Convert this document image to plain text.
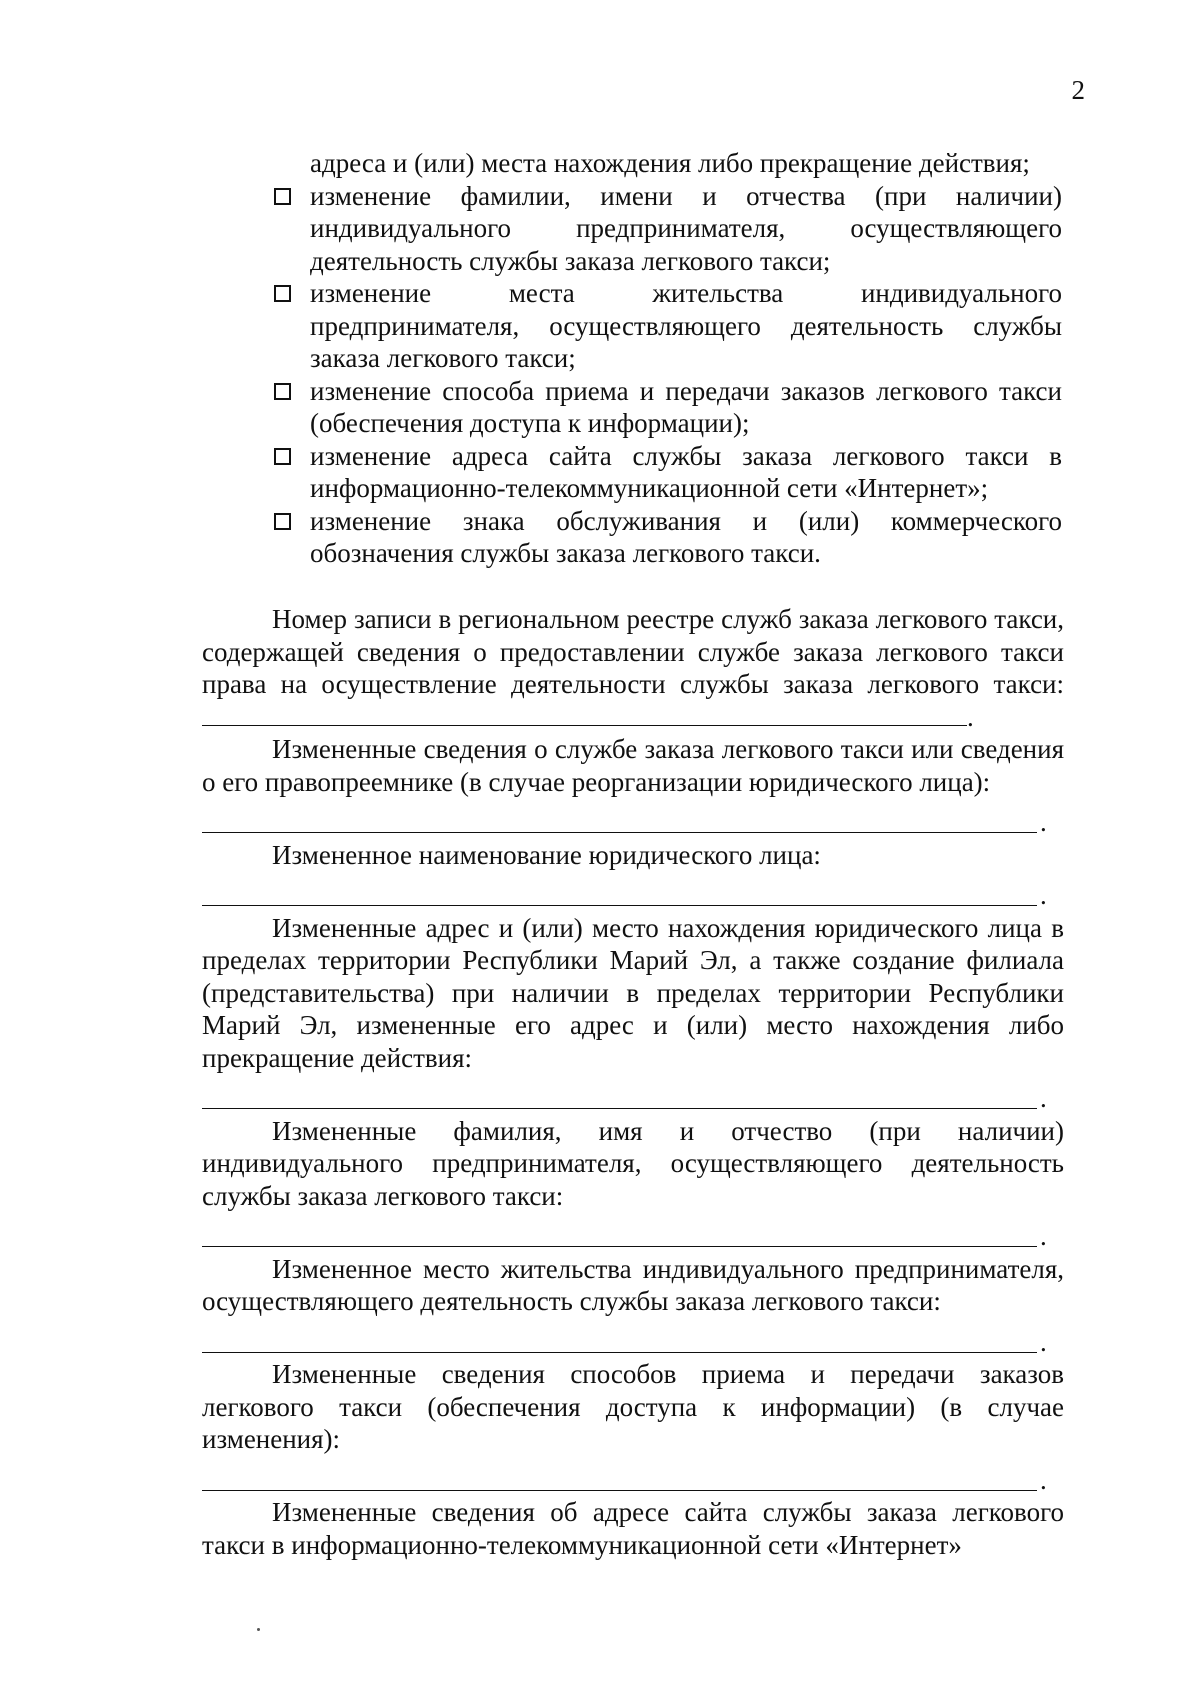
2
адреса и (или) места нахождения либо прекращение действия;
изменение фамилии, имени и отчества (при наличии) индивидуального предпринимателя, осуществляющего деятельность службы заказа легкового такси;
изменение места жительства индивидуального предпринимателя, осуществляющего деятельность службы заказа легкового такси;
изменение способа приема и передачи заказов легкового такси (обеспечения доступа к информации);
изменение адреса сайта службы заказа легкового такси в информационно-телекоммуникационной сети «Интернет»;
изменение знака обслуживания и (или) коммерческого обозначения службы заказа легкового такси.

Номер записи в региональном реестре служб заказа легкового такси, содержащей сведения о предоставлении службе заказа легкового такси права на осуществление деятельности службы заказа легкового такси: .

Измененные сведения о службе заказа легкового такси или сведения о его правопреемнике (в случае реорганизации юридического лица):

.

Измененное наименование юридического лица:

.

Измененные адрес и (или) место нахождения юридического лица в пределах территории Республики Марий Эл, а также создание филиала (представительства) при наличии в пределах территории Республики Марий Эл, измененные его адрес и (или) место нахождения либо прекращение действия:

.

Измененные фамилия, имя и отчество (при наличии) индивидуального предпринимателя, осуществляющего деятельность службы заказа легкового такси:

.

Измененное место жительства индивидуального предпринимателя, осуществляющего деятельность службы заказа легкового такси:

.

Измененные сведения способов приема и передачи заказов легкового такси (обеспечения доступа к информации) (в случае изменения):

.

Измененные сведения об адресе сайта службы заказа легкового такси в информационно-телекоммуникационной сети «Интернет»
